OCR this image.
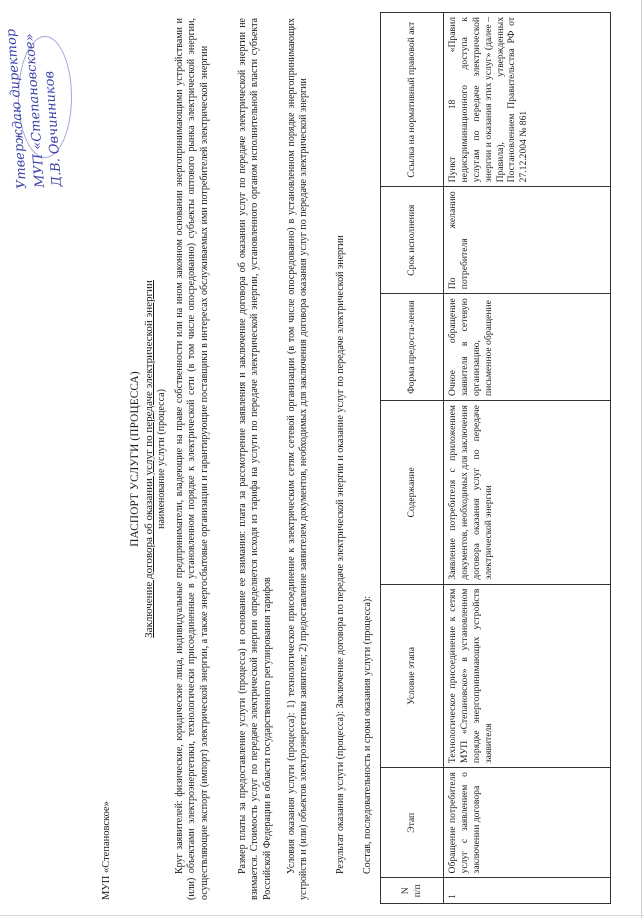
МУП «Степановское»
Утверждаю директор МУП «Степановское» Д.В. Овчинников
ПАСПОРТ УСЛУГИ (ПРОЦЕССА) Заключение договора об оказании услуг по передаче электрической энергии наименование услуги (процесса) Круг заявителей: физические, юридические лица, индивидуальные предприниматели, владеющие на праве собственности или на ином законном основании энергопринимающими устройствами и (или) объектами электроэнергетики, технологически присоединенные в установленном порядке к электрической сети (в том числе опосредованно) субъекты оптового рынка электрической энергии, осуществляющие экспорт (импорт) электрической энергии, а также энергосбытовые организации и гарантирующие поставщики в интересах обслуживаемых ими потребителей электрической энергии	Размер платы за предоставление услуги (процесса) и основание ее взимания: плата за рассмотрение заявления и заключение договора об оказании услуг по передаче электрической энергии не взимается. Стоимость услуг по передаче электрической энергии определяется исходя из тарифа на услуги по передаче электрической энергии, установленного органом исполнительной власти субъекта Российской Федерации в области государственного регулирования тарифов Условия оказания услуги (процесса): 1) технологическое присоединение к электрическим сетям сетевой организации (в том числе опосредованно) в установленном порядке энергопринимающих устройств и (или) объектов электроэнергетики заявителя; 2) предоставление заявителем документов, необходимых для заключения договора оказания услуг по передаче электрической энергии	Результат оказания услуги (процесса): Заключение договора по передаче электрической энергии и оказание услуг по передаче электрической энергии Состав, последовательность и сроки оказания услуги (процесса):
N п/п	Этап	Условие этапа	Содержание	Форма предоста-ления	Срок исполнения	Ссылка на нормативный правовой акт
1	Обращение потребителя услуг с заявлением о заключении договора	Технологическое присоединение к сетям МУП «Степановское» в установленном порядке энергопринимающих устройств заявителя	Заявление потребителя с приложением документов, необходимых для заключения договора оказания услуг по передаче электрической энергии	Очное обращение заявителя в сетевую организацию, письменное обращение	По желанию потребителя	Пункт 18 «Правил недискриминационного доступа к услугам по передаче электрической энергии и оказания этих услуг» (далее – Правила), утвержденных Постановлением Правительства РФ от 27.12.2004 № 861
